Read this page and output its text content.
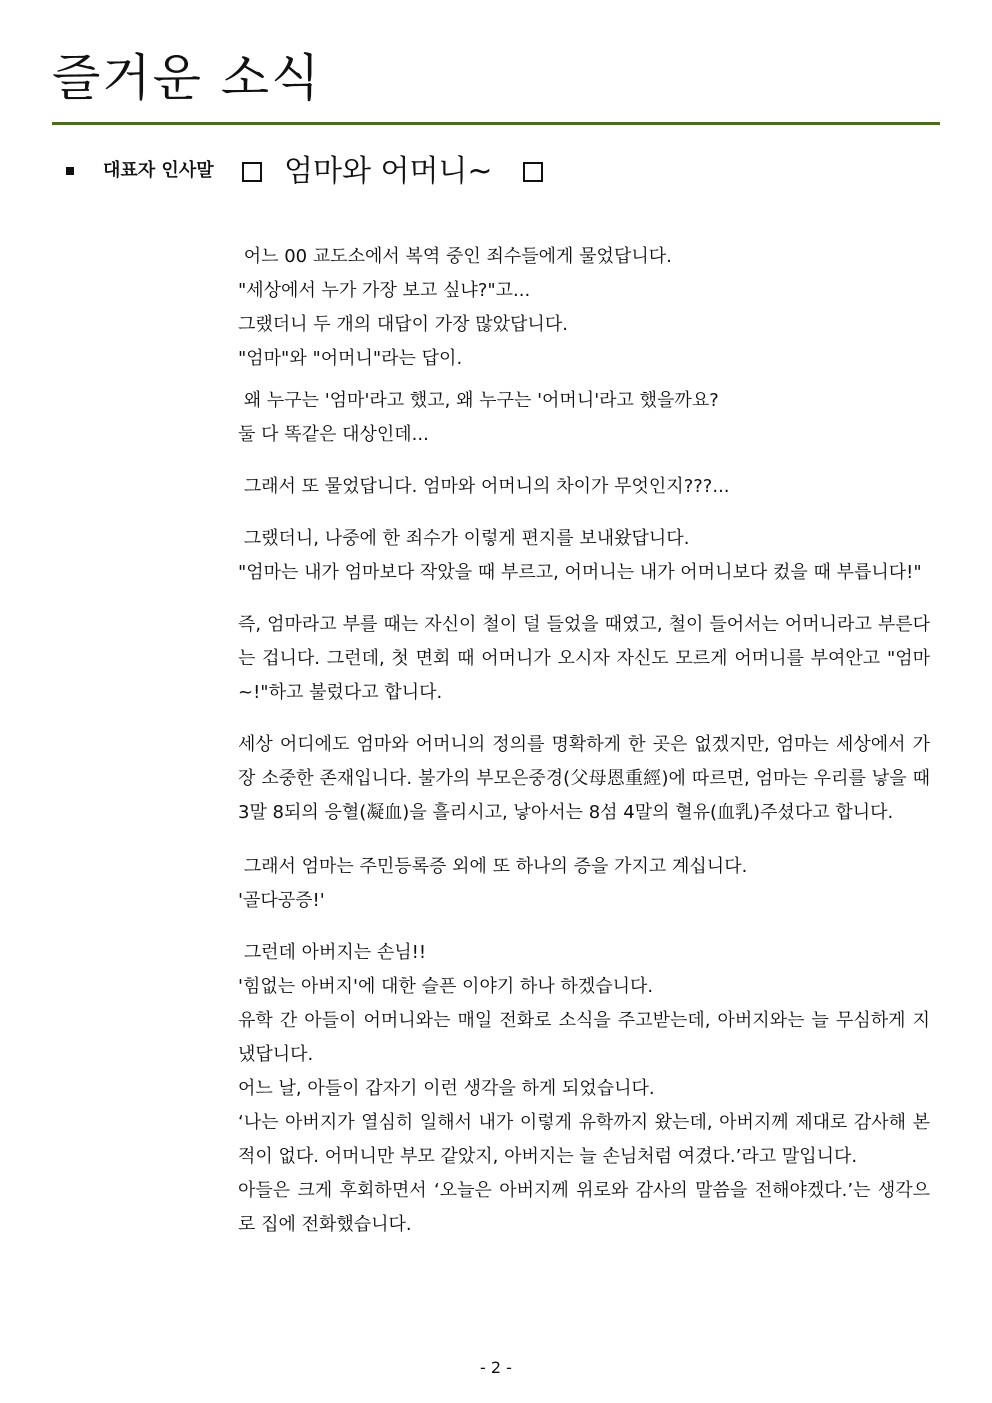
즐거운 소식
대표자 인사말 엄마와 어머니~

어느 00 교도소에서 복역 중인 죄수들에게 물었답니다.
"세상에서 누가 가장 보고 싶냐?"고...
그랬더니 두 개의 대답이 가장 많았답니다.
"엄마"와 "어머니"라는 답이.

왜 누구는 '엄마'라고 했고, 왜 누구는 '어머니'라고 했을까요?
둘 다 똑같은 대상인데...

그래서 또 물었답니다. 엄마와 어머니의 차이가 무엇인지???...

그랬더니, 나중에 한 죄수가 이렇게 편지를 보내왔답니다.
"엄마는 내가 엄마보다 작았을 때 부르고, 어머니는 내가 어머니보다 컸을 때 부릅니다!"

즉, 엄마라고 부를 때는 자신이 철이 덜 들었을 때였고, 철이 들어서는 어머니라고 부른다는 겁니다. 그런데, 첫 면회 때 어머니가 오시자 자신도 모르게 어머니를 부여안고 "엄마~!"하고 불렀다고 합니다.

세상 어디에도 엄마와 어머니의 정의를 명확하게 한 곳은 없겠지만, 엄마는 세상에서 가장 소중한 존재입니다. 불가의 부모은중경(父母恩重經)에 따르면, 엄마는 우리를 낳을 때 3말 8되의 응혈(凝血)을 흘리시고, 낳아서는 8섬 4말의 혈유(血乳)주셨다고 합니다.

그래서 엄마는 주민등록증 외에 또 하나의 증을 가지고 계십니다.
'골다공증!'

그런데 아버지는 손님!!
'힘없는 아버지'에 대한 슬픈 이야기 하나 하겠습니다.
유학 간 아들이 어머니와는 매일 전화로 소식을 주고받는데, 아버지와는 늘 무심하게 지냈답니다.
어느 날, 아들이 갑자기 이런 생각을 하게 되었습니다.
‘나는 아버지가 열심히 일해서 내가 이렇게 유학까지 왔는데, 아버지께 제대로 감사해 본 적이 없다. 어머니만 부모 같았지, 아버지는 늘 손님처럼 여겼다.’라고 말입니다.
아들은 크게 후회하면서 ‘오늘은 아버지께 위로와 감사의 말씀을 전해야겠다.’는 생각으로 집에 전화했습니다.
- 2 -
